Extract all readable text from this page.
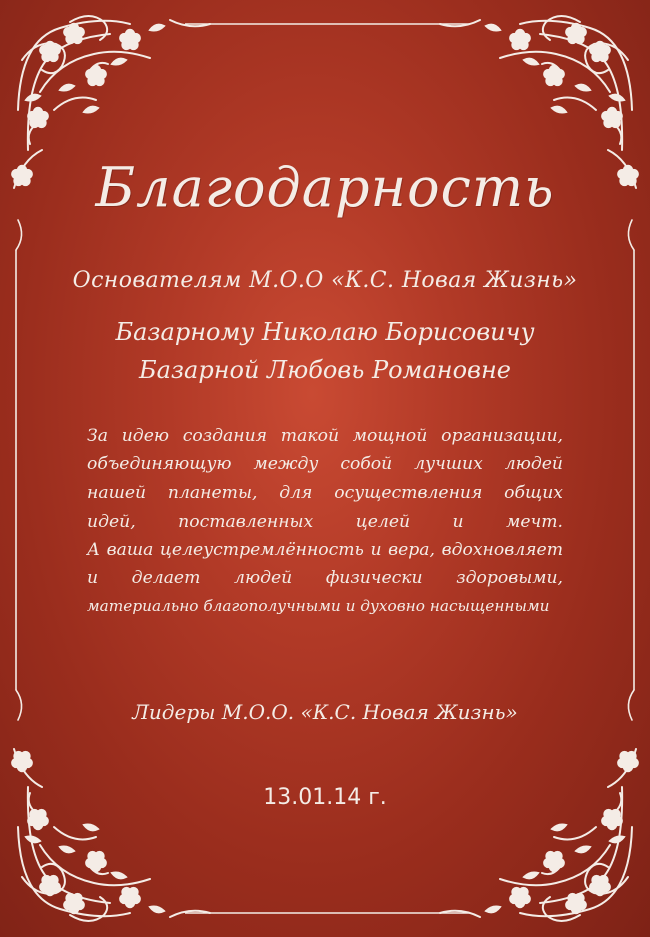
Благодарность
Основателям М.О.О «К.С. Новая Жизнь»
Базарному Николаю Борисовичу
Базарной Любовь Романовне
За идею создания такой мощной организации,
объединяющую между собой лучших людей
нашей планеты, для осуществления общих
идей, поставленных целей и мечт.
А ваша целеустремлённость и вера, вдохновляет
и делает людей физически здоровыми,
материально благополучными и духовно насыщенными
Лидеры М.О.О. «К.С. Новая Жизнь»
13.01.14 г.
